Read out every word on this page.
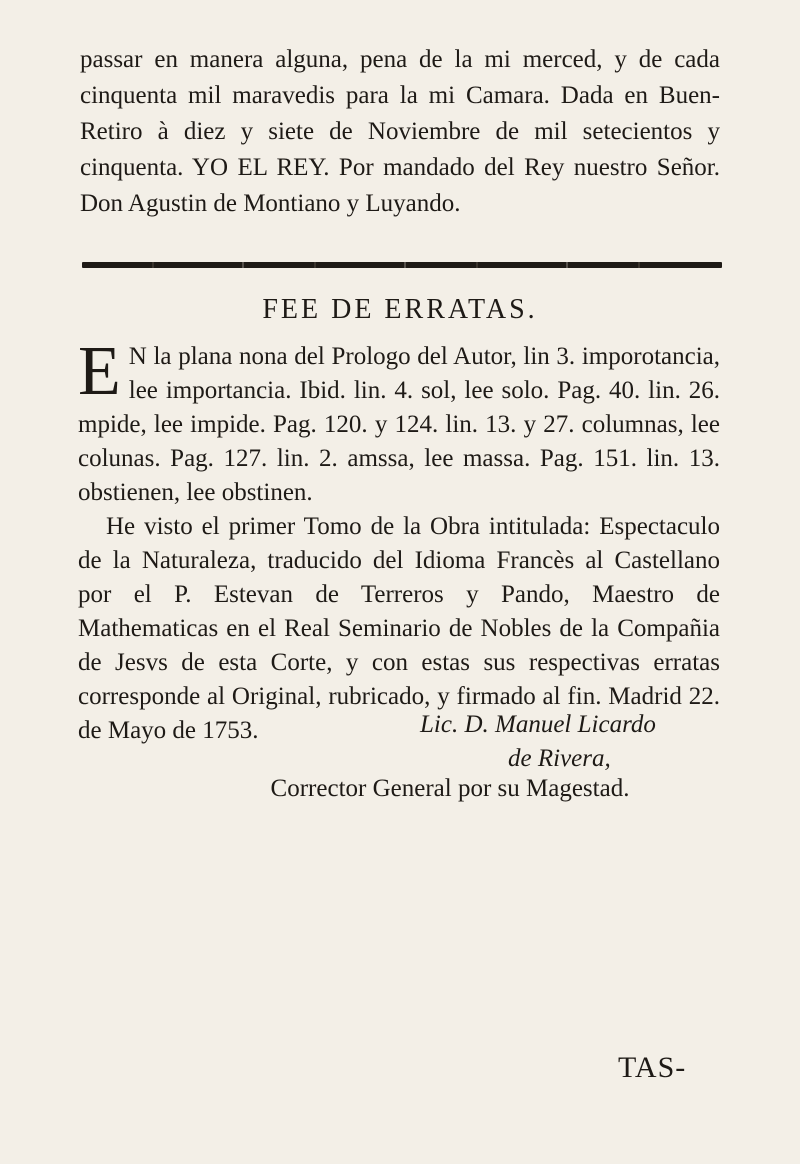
passar en manera alguna, pena de la mi merced, y de cada cinquenta mil maravedis para la mi Camara. Dada en Buen-Retiro à diez y siete de Noviembre de mil setecientos y cinquenta. YO EL REY. Por mandado del Rey nuestro Señor. Don Agustin de Montiano y Luyando.

FEE DE ERRATAS.

E N la plana nona del Prologo del Autor, lin 3. imporotancia, lee importancia. Ibid. lin. 4. sol, lee solo. Pag. 40. lin. 26. mpide, lee impide. Pag. 120. y 124. lin. 13. y 27. columnas, lee colunas. Pag. 127. lin. 2. amssa, lee massa. Pag. 151. lin. 13. obstienen, lee obstinen.

He visto el primer Tomo de la Obra intitulada: Espectaculo de la Naturaleza, traducido del Idioma Francès al Castellano por el P. Estevan de Terreros y Pando, Maestro de Mathematicas en el Real Seminario de Nobles de la Compañia de Jesvs de esta Corte, y con estas sus respectivas erratas corresponde al Original, rubricado, y firmado al fin. Madrid 22. de Mayo de 1753.	Lic. D. Manuel Licardo
de Rivera,
Corrector General por su Magestad.
TAS-
